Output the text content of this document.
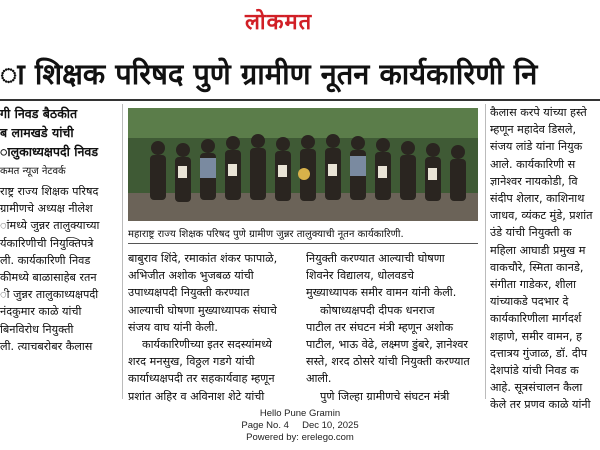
लोकमत
ा शिक्षक परिषद पुणे ग्रामीण नूतन कार्यकारिणी नि

गी निवड बैठकीत

ब लामखडे यांची

ालुकाध्यक्षपदी निवड

कमत न्यूज नेटवर्क

राष्ट्र राज्य शिक्षक परिषद

ग्रामीणचे अध्यक्ष नीलेश

ांमध्ये जुन्नर तालुक्याच्या

र्यकारिणीची नियुक्तिपत्रे

ली. कार्यकारिणी निवड

कीमध्ये बाळासाहेब रतन

ी जुन्नर तालुकाध्यक्षपदी

नंदकुमार काळे यांची

बिनविरोध नियुक्ती

ली. त्याचबरोबर कैलास

महाराष्ट्र राज्य शिक्षक परिषद पुणे ग्रामीण जुन्नर तालुक्याची नूतन कार्यकारिणी.

बाबुराव शिंदे, रमाकांत शंकर फापाळे,

अभिजीत अशोक भुजबळ यांची

उपाध्यक्षपदी नियुक्ती करण्यात

आल्याची घोषणा मुख्याध्यापक संघाचे

संजय वाघ यांनी केली.

कार्यकारिणीच्या इतर सदस्यांमध्ये

शरद मनसुख, विठ्ठल गडगे यांची

कार्याध्यक्षपदी तर सहकार्यवाह म्हणून

प्रशांत अहिर व अविनाश शेटे यांची

नियुक्ती करण्यात आल्याची घोषणा

शिवनेर विद्यालय, धोलवडचे

मुख्याध्यापक समीर वामन यांनी केली.

कोषाध्यक्षपदी दीपक धनराज

पाटील तर संघटन मंत्री म्हणून अशोक

पाटील, भाऊ वेढे, लक्ष्मण डुंबरे, ज्ञानेश्वर

सस्ते, शरद ठोसरे यांची नियुक्ती करण्यात

आली.

पुणे जिल्हा ग्रामीणचे संघटन मंत्री

कैलास करपे यांच्या हस्ते

म्हणून महादेव डिसले,

संजय लांडे यांना नियुक

आले. कार्यकारिणी स

ज्ञानेश्वर नायकोडी, वि

संदीप शेलार, काशिनाथ

जाधव, व्यंकट मुंडे, प्रशांत

उंडे यांची नियुक्ती क

महिला आघाडी प्रमुख म

वाकचौरे, स्मिता कानडे,

संगीता गाडेकर, शीला

यांच्याकडे पदभार दे

कार्यकारिणीला मार्गदर्श

शहाणे, समीर वामन, ह

दत्तात्रय गुंजाळ, डॉ. दीप

देशपांडे यांची निवड क

आहे. सूत्रसंचालन कैला

केले तर प्रणव काळे यांनी

Hello Pune Gramin
Page No. 4 Dec 10, 2025
Powered by: erelego.com
